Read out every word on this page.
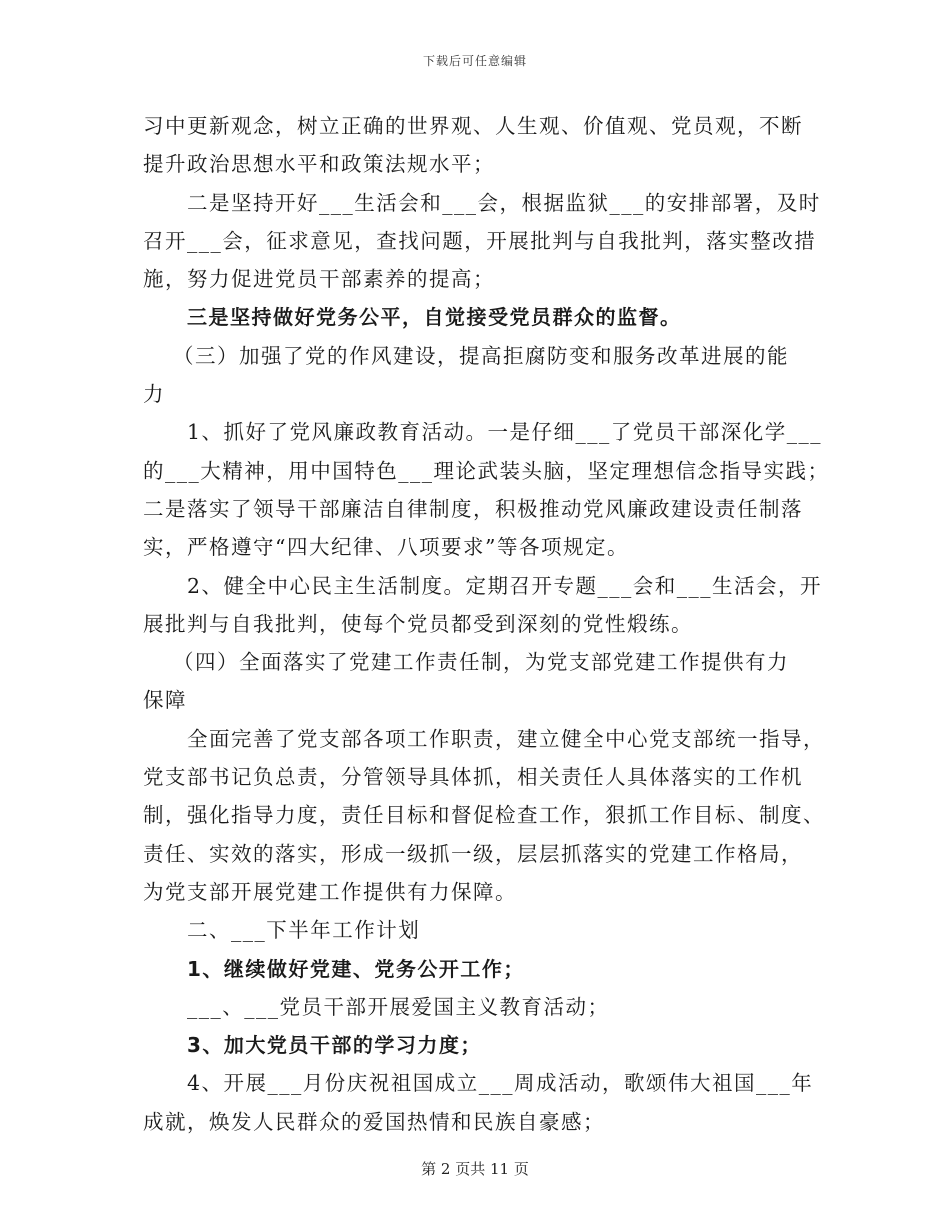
下载后可任意编辑
习中更新观念，树立正确的世界观、人生观、价值观、党员观，不断
提升政治思想水平和政策法规水平；
二是坚持开好___生活会和___会，根据监狱___的安排部署，及时
召开___会，征求意见，查找问题，开展批判与自我批判，落实整改措
施，努力促进党员干部素养的提高；
三是坚持做好党务公平，自觉接受党员群众的监督。
（三）加强了党的作风建设，提高拒腐防变和服务改革进展的能
力
1、抓好了党风廉政教育活动。一是仔细___了党员干部深化学___
的___大精神，用中国特色___理论武装头脑，坚定理想信念指导实践；
二是落实了领导干部廉洁自律制度，积极推动党风廉政建设责任制落
实，严格遵守“四大纪律、八项要求”等各项规定。
2、健全中心民主生活制度。定期召开专题___会和___生活会，开
展批判与自我批判，使每个党员都受到深刻的党性煅练。
（四）全面落实了党建工作责任制，为党支部党建工作提供有力
保障
全面完善了党支部各项工作职责，建立健全中心党支部统一指导，
党支部书记负总责，分管领导具体抓，相关责任人具体落实的工作机
制，强化指导力度，责任目标和督促检查工作，狠抓工作目标、制度、
责任、实效的落实，形成一级抓一级，层层抓落实的党建工作格局，
为党支部开展党建工作提供有力保障。
二、___下半年工作计划
1、继续做好党建、党务公开工作；
___、___党员干部开展爱国主义教育活动；
3、加大党员干部的学习力度；
4、开展___月份庆祝祖国成立___周成活动，歌颂伟大祖国___年
成就，焕发人民群众的爱国热情和民族自豪感；
第 2 页共 11 页
